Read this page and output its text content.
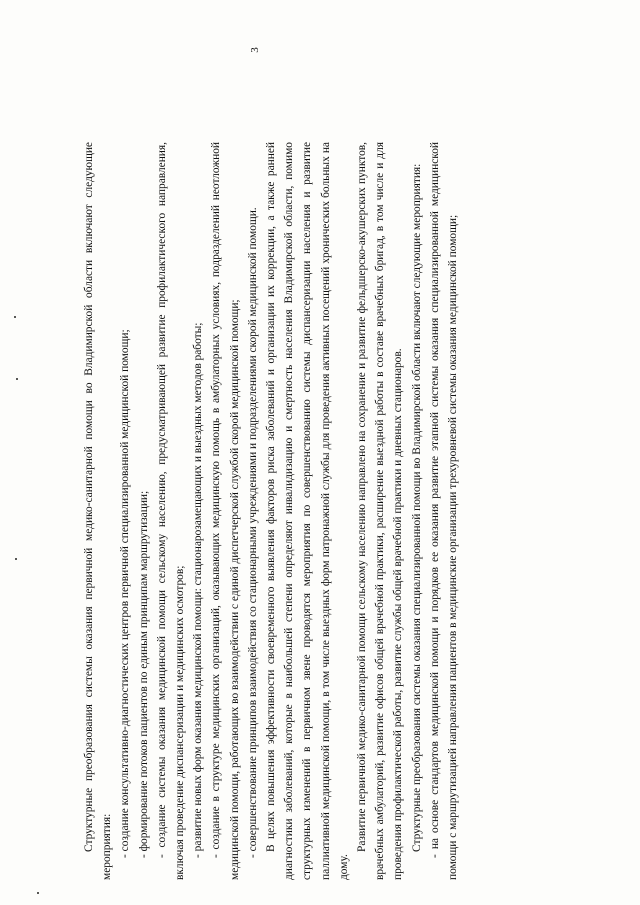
3

Структурные преобразования системы оказания первичной медико-санитарной помощи во Владимирской области включают следующие мероприятия: - создание консультативно-диагностических центров первичной специализированной медицинской помощи; - формирование потоков пациентов по единым принципам маршрутизации; - создание системы оказания медицинской помощи сельскому населению, предусматривающей развитие профилактического направления, включая проведение диспансеризации и медицинских осмотров; - развитие новых форм оказания медицинской помощи: стационарозамещающих и выездных методов работы; - создание в структуре медицинских организаций, оказывающих медицинскую помощь в амбулаторных условиях, подразделений неотложной медицинской помощи, работающих во взаимодействии с единой диспетчерской службой скорой медицинской помощи; - совершенствование принципов взаимодействия со стационарными учреждениями и подразделениями скорой медицинской помощи. В целях повышения эффективности своевременного выявления факторов риска заболеваний и организации их коррекции, а также ранней диагностики заболеваний, которые в наибольшей степени определяют инвалидизацию и смертность населения Владимирской области, помимо структурных изменений в первичном звене проводятся мероприятия по совершенствованию системы диспансеризации населения и развитие паллиативной медицинской помощи, в том числе выездных форм патронажной службы для проведения активных посещений хронических больных на дому.

Развитие первичной медико-санитарной помощи сельскому населению направлено на сохранение и развитие фельдшерско-акушерских пунктов, врачебных амбулаторий, развитие офисов общей врачебной практики, расширение выездной работы в составе врачебных бригад, в том числе и для проведения профилактической работы, развитие службы общей врачебной практики и дневных стационаров. Структурные преобразования системы оказания специализированной помощи во Владимирской области включают следующие мероприятия: - на основе стандартов медицинской помощи и порядков ее оказания развитие этапной системы оказания специализированной медицинской помощи с маршрутизацией направления пациентов в медицинские организации трехуровневой системы оказания медицинской помощи;
